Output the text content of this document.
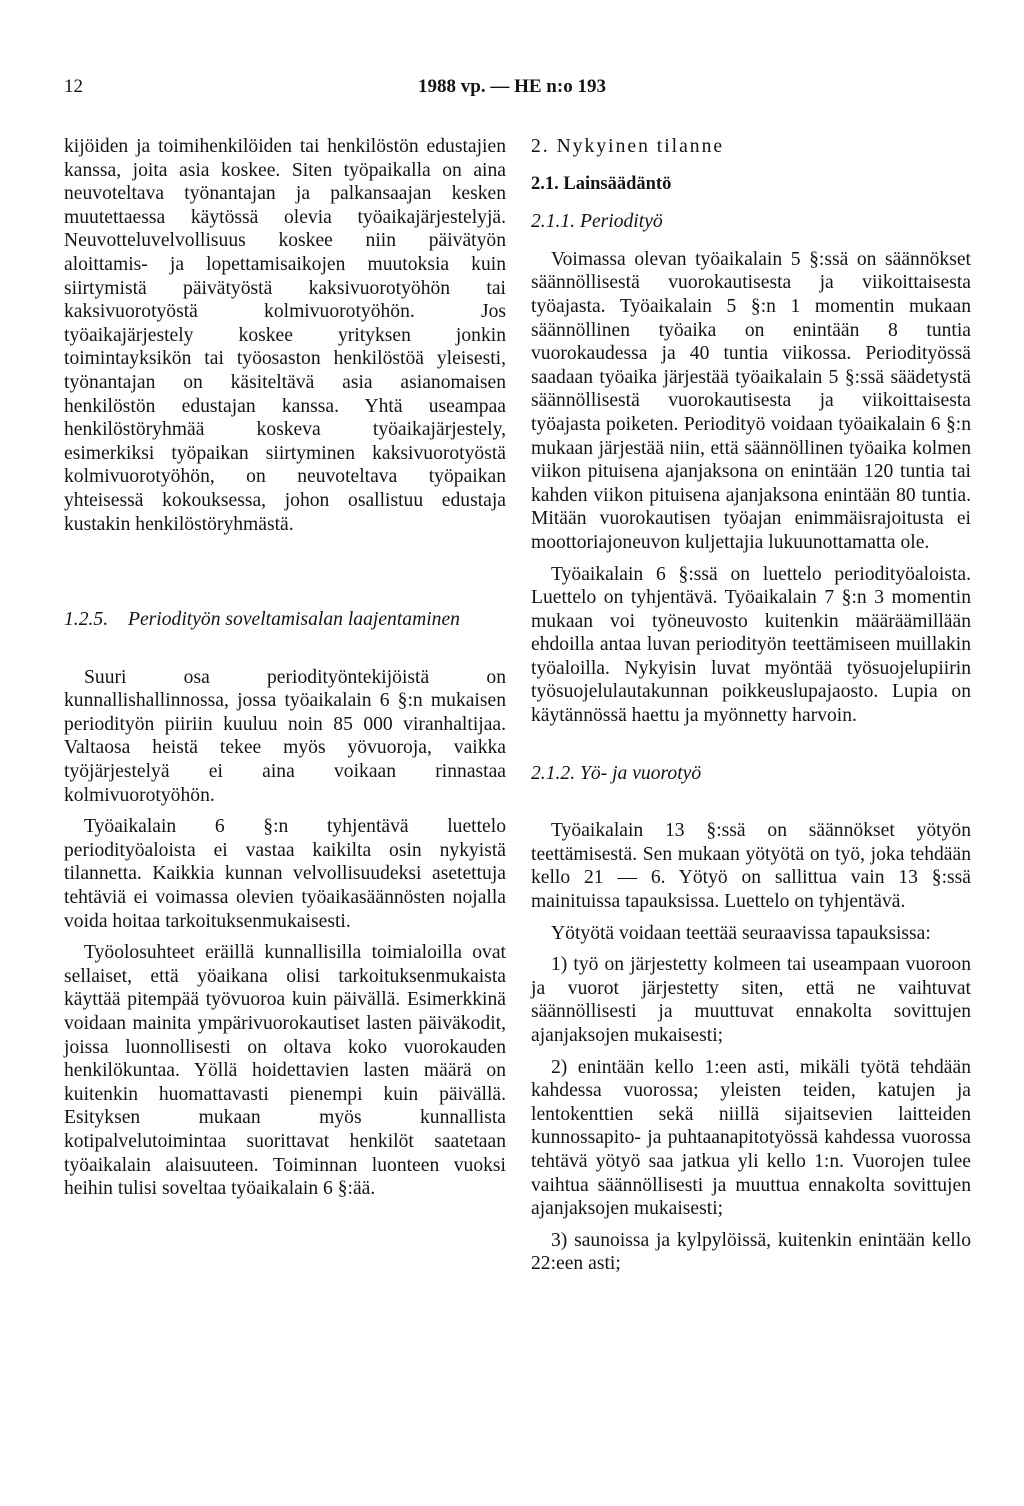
12	1988 vp. — HE n:o 193

kijöiden ja toimihenkilöiden tai henkilöstön edustajien kanssa, joita asia koskee. Siten työpaikalla on aina neuvoteltava työnantajan ja palkansaajan kesken muutettaessa käytössä olevia työaikajärjestelyjä. Neuvotteluvelvollisuus koskee niin päivätyön aloittamis- ja lopettamisaikojen muutoksia kuin siirtymistä päivätyöstä kaksivuorotyöhön tai kaksivuorotyöstä kolmivuorotyöhön. Jos työaikajärjestely koskee yrityksen jonkin toimintayksikön tai työosaston henkilöstöä yleisesti, työnantajan on käsiteltävä asia asianomaisen henkilöstön edustajan kanssa. Yhtä useampaa henkilöstöryhmää koskeva työaikajärjestely, esimerkiksi työpaikan siirtyminen kaksivuorotyöstä kolmivuorotyöhön, on neuvoteltava työpaikan yhteisessä kokouksessa, johon osallistuu edustaja kustakin henkilöstöryhmästä.

1.2.5.	Periodityön soveltamisalan laajentaminen

Suuri osa periodityöntekijöistä on kunnallishallinnossa, jossa työaikalain 6 §:n mukaisen periodityön piiriin kuuluu noin 85 000 viranhaltijaa. Valtaosa heistä tekee myös yövuoroja, vaikka työjärjestelyä ei aina voikaan rinnastaa kolmivuorotyöhön.

Työaikalain 6 §:n tyhjentävä luettelo periodityöaloista ei vastaa kaikilta osin nykyistä tilannetta. Kaikkia kunnan velvollisuudeksi asetettuja tehtäviä ei voimassa olevien työaikasäännösten nojalla voida hoitaa tarkoituksenmukaisesti.

Työolosuhteet eräillä kunnallisilla toimialoilla ovat sellaiset, että yöaikana olisi tarkoituksenmukaista käyttää pitempää työvuoroa kuin päivällä. Esimerkkinä voidaan mainita ympärivuorokautiset lasten päiväkodit, joissa luonnollisesti on oltava koko vuorokauden henkilökuntaa. Yöllä hoidettavien lasten määrä on kuitenkin huomattavasti pienempi kuin päivällä. Esityksen mukaan myös kunnallista kotipalvelutoimintaa suorittavat henkilöt saatetaan työaikalain alaisuuteen. Toiminnan luonteen vuoksi heihin tulisi soveltaa työaikalain 6 §:ää.

2. Nykyinen tilanne

2.1. Lainsäädäntö

2.1.1. Periodityö

Voimassa olevan työaikalain 5 §:ssä on säännökset säännöllisestä vuorokautisesta ja viikoittaisesta työajasta. Työaikalain 5 §:n 1 momentin mukaan säännöllinen työaika on enintään 8 tuntia vuorokaudessa ja 40 tuntia viikossa. Periodityössä saadaan työaika järjestää työaikalain 5 §:ssä säädetystä säännöllisestä vuorokautisesta ja viikoittaisesta työajasta poiketen. Periodityö voidaan työaikalain 6 §:n mukaan järjestää niin, että säännöllinen työaika kolmen viikon pituisena ajanjaksona on enintään 120 tuntia tai kahden viikon pituisena ajanjaksona enintään 80 tuntia. Mitään vuorokautisen työajan enimmäisrajoitusta ei moottoriajoneuvon kuljettajia lukuunottamatta ole.

Työaikalain 6 §:ssä on luettelo periodityöaloista. Luettelo on tyhjentävä. Työaikalain 7 §:n 3 momentin mukaan voi työneuvosto kuitenkin määräämillään ehdoilla antaa luvan periodityön teettämiseen muillakin työaloilla. Nykyisin luvat myöntää työsuojelupiirin työsuojelulautakunnan poikkeuslupajaosto. Lupia on käytännössä haettu ja myönnetty harvoin.

2.1.2. Yö- ja vuorotyö

Työaikalain 13 §:ssä on säännökset yötyön teettämisestä. Sen mukaan yötyötä on työ, joka tehdään kello 21 — 6. Yötyö on sallittua vain 13 §:ssä mainituissa tapauksissa. Luettelo on tyhjentävä.

Yötyötä voidaan teettää seuraavissa tapauksissa:

1) työ on järjestetty kolmeen tai useampaan vuoroon ja vuorot järjestetty siten, että ne vaihtuvat säännöllisesti ja muuttuvat ennakolta sovittujen ajanjaksojen mukaisesti;

2) enintään kello 1:een asti, mikäli työtä tehdään kahdessa vuorossa; yleisten teiden, katujen ja lentokenttien sekä niillä sijaitsevien laitteiden kunnossapito- ja puhtaanapitotyössä kahdessa vuorossa tehtävä yötyö saa jatkua yli kello 1:n. Vuorojen tulee vaihtua säännöllisesti ja muuttua ennakolta sovittujen ajanjaksojen mukaisesti;

3) saunoissa ja kylpylöissä, kuitenkin enintään kello 22:een asti;
